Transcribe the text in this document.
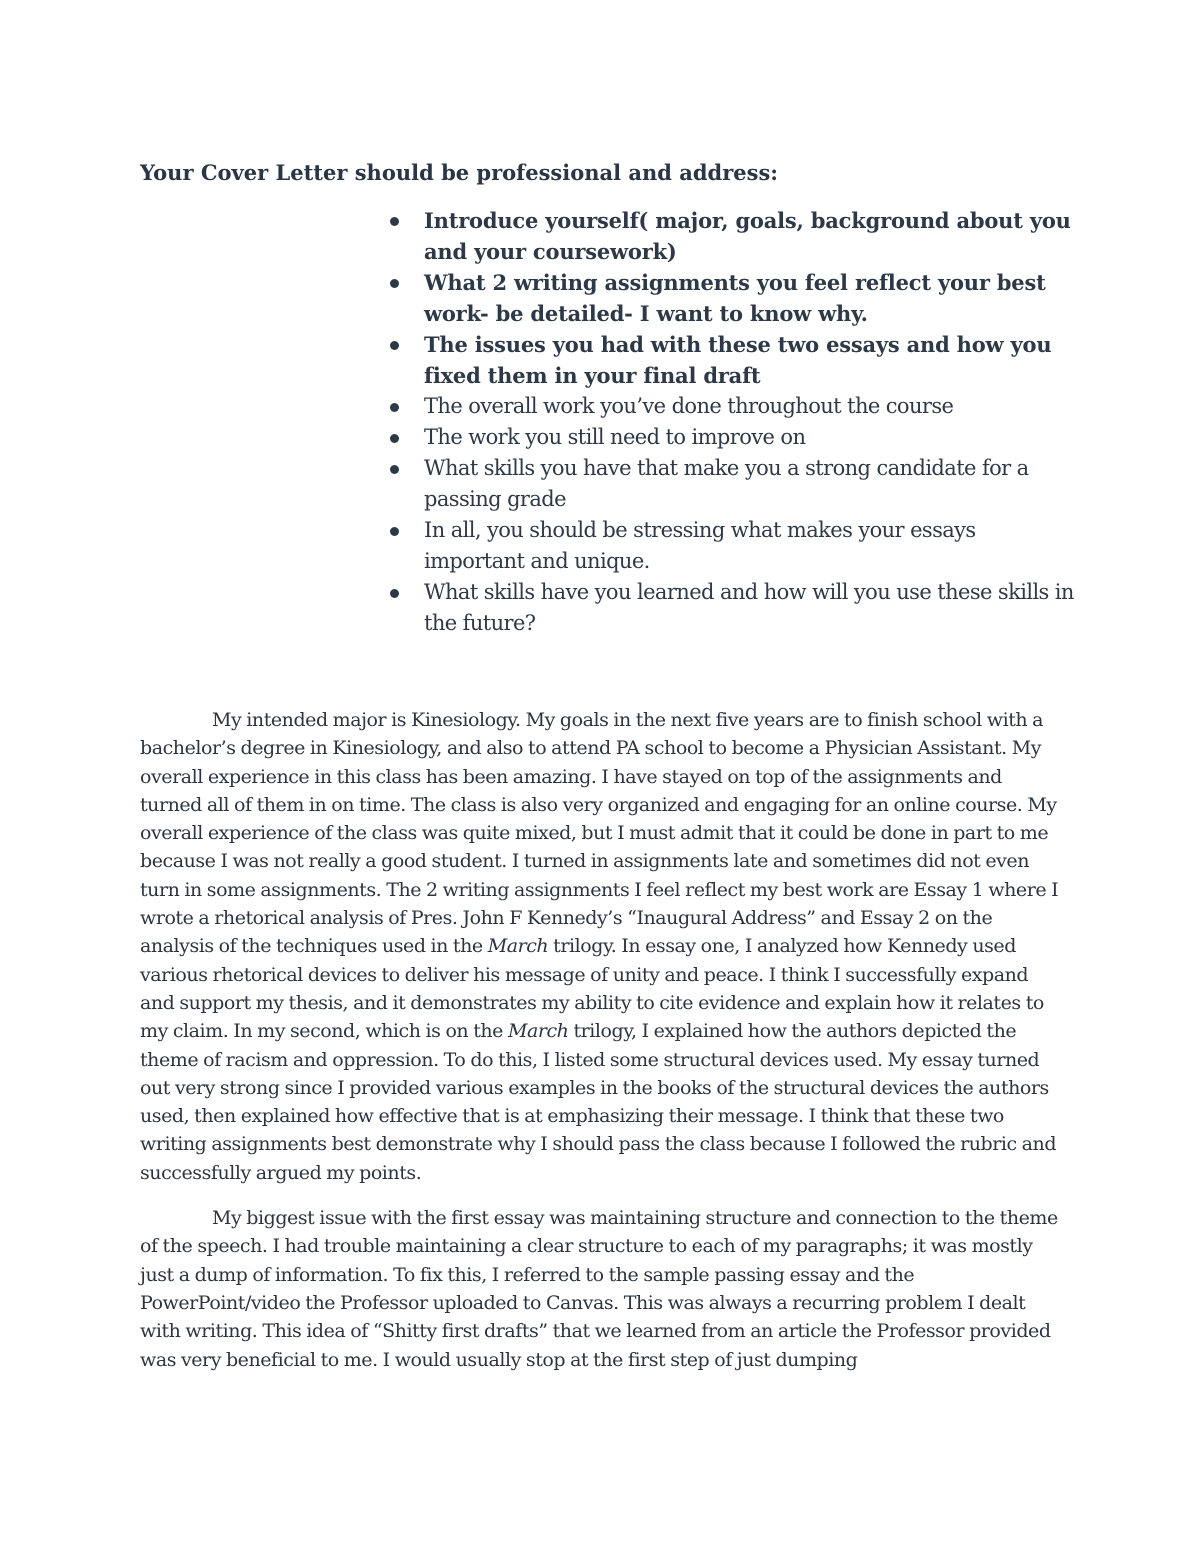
Your Cover Letter should be professional and address:
Introduce yourself( major, goals, background about you and your coursework)
What 2 writing assignments you feel reflect your best work- be detailed- I want to know why.
The issues you had with these two essays and how you fixed them in your final draft
The overall work you’ve done throughout the course
The work you still need to improve on
What skills you have that make you a strong candidate for a passing grade
In all, you should be stressing what makes your essays important and unique.
What skills have you learned and how will you use these skills in the future?

My intended major is Kinesiology. My goals in the next five years are to finish school with a bachelor’s degree in Kinesiology, and also to attend PA school to become a Physician Assistant. My overall experience in this class has been amazing. I have stayed on top of the assignments and turned all of them in on time. The class is also very organized and engaging for an online course. My overall experience of the class was quite mixed, but I must admit that it could be done in part to me because I was not really a good student. I turned in assignments late and sometimes did not even turn in some assignments. The 2 writing assignments I feel reflect my best work are Essay 1 where I wrote a rhetorical analysis of Pres. John F Kennedy’s “Inaugural Address” and Essay 2 on the analysis of the techniques used in the March trilogy. In essay one, I analyzed how Kennedy used various rhetorical devices to deliver his message of unity and peace. I think I successfully expand and support my thesis, and it demonstrates my ability to cite evidence and explain how it relates to my claim. In my second, which is on the March trilogy, I explained how the authors depicted the theme of racism and oppression. To do this, I listed some structural devices used. My essay turned out very strong since I provided various examples in the books of the structural devices the authors used, then explained how effective that is at emphasizing their message. I think that these two writing assignments best demonstrate why I should pass the class because I followed the rubric and successfully argued my points.

My biggest issue with the first essay was maintaining structure and connection to the theme of the speech. I had trouble maintaining a clear structure to each of my paragraphs; it was mostly just a dump of information. To fix this, I referred to the sample passing essay and the PowerPoint/video the Professor uploaded to Canvas. This was always a recurring problem I dealt with writing. This idea of “Shitty first drafts” that we learned from an article the Professor provided was very beneficial to me. I would usually stop at the first step of just dumping
